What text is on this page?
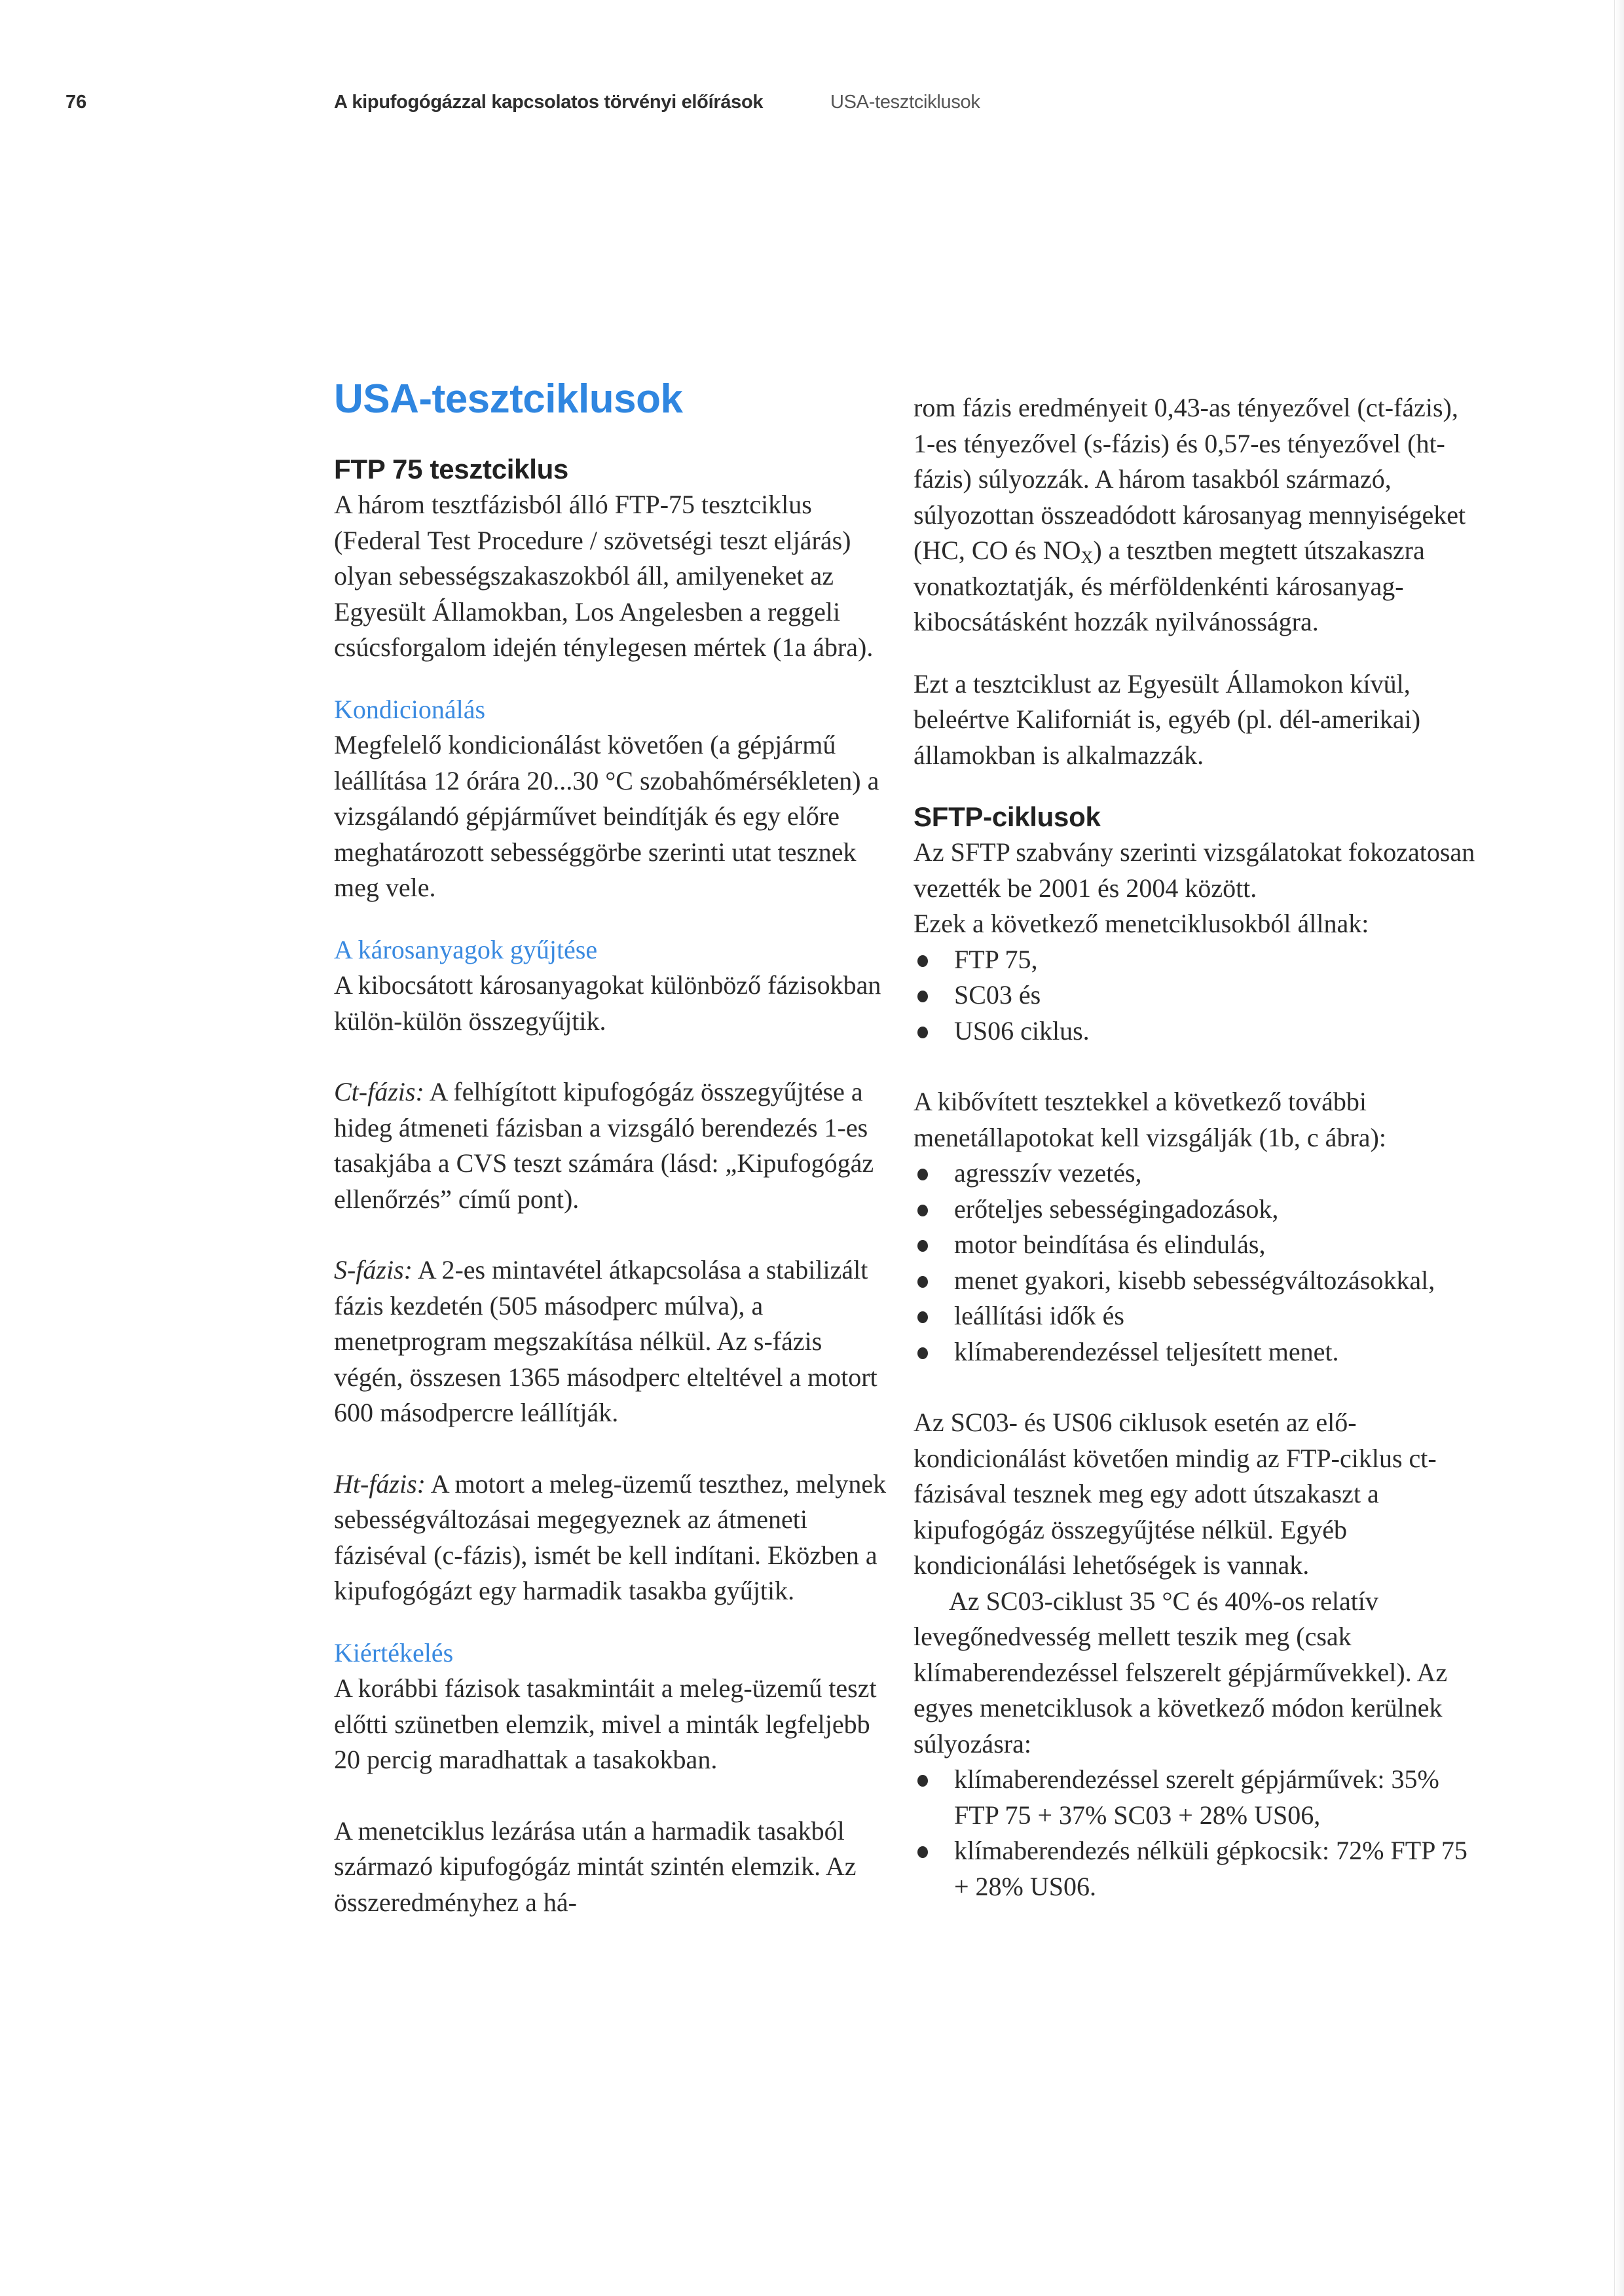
76	A kipufogógázzal kapcsolatos törvényi előírások	USA-tesztciklusok
USA-tesztciklusok
FTP 75 tesztciklus

A három tesztfázisból álló FTP-75 tesztciklus (Federal Test Procedure / szövetségi teszt eljárás) olyan sebességszakaszokból áll, amilyeneket az Egyesült Államokban, Los Angelesben a reggeli csúcsforgalom idején ténylegesen mértek (1a ábra).

Kondicionálás

Megfelelő kondicionálást követően (a gépjármű leállítása 12 órára 20...30 °C szobahőmérsékleten) a vizsgálandó gépjárművet beindítják és egy előre meghatározott sebességgörbe szerinti utat tesznek meg vele.

A károsanyagok gyűjtése

A kibocsátott károsanyagokat különböző fázisokban külön-külön összegyűjtik.

Ct-fázis: A felhígított kipufogógáz összegyűjtése a hideg átmeneti fázisban a vizsgáló berendezés 1-es tasakjába a CVS teszt számára (lásd: „Kipufogógáz ellenőrzés” című pont).

S-fázis: A 2-es mintavétel átkapcsolása a stabilizált fázis kezdetén (505 másodperc múlva), a menetprogram megszakítása nélkül. Az s-fázis végén, összesen 1365 másodperc elteltével a motort 600 másodpercre leállítják.

Ht-fázis: A motort a meleg-üzemű teszthez, melynek sebességváltozásai megegyeznek az átmeneti fáziséval (c-fázis), ismét be kell indítani. Eközben a kipufogógázt egy harmadik tasakba gyűjtik.

Kiértékelés

A korábbi fázisok tasakmintáit a meleg-üzemű teszt előtti szünetben elemzik, mivel a minták legfeljebb 20 percig maradhattak a tasakokban.

A menetciklus lezárása után a harmadik tasakból származó kipufogógáz mintát szintén elemzik. Az összeredményhez a há-

rom fázis eredményeit 0,43-as tényezővel (ct-fázis), 1-es tényezővel (s-fázis) és 0,57-es tényezővel (ht-fázis) súlyozzák. A három tasakból származó, súlyozottan összeadódott károsanyag mennyiségeket (HC, CO és $NO_X$) a tesztben megtett útszakaszra vonatkoztatják, és mérföldenkénti károsanyag-kibocsátásként hozzák nyilvánosságra.

Ezt a tesztciklust az Egyesült Államokon kívül, beleértve Kaliforniát is, egyéb (pl. dél-amerikai) államokban is alkalmazzák.

SFTP-ciklusok

Az SFTP szabvány szerinti vizsgálatokat fokozatosan vezették be 2001 és 2004 között.

Ezek a következő menetciklusokból állnak:

FTP 75,
SC03 és
US06 ciklus.

A kibővített tesztekkel a következő további menetállapotokat kell vizsgálják (1b, c ábra):

agresszív vezetés,
erőteljes sebességingadozások,
motor beindítása és elindulás,
menet gyakori, kisebb sebességváltozásokkal,
leállítási idők és
klímaberendezéssel teljesített menet.

Az SC03- és US06 ciklusok esetén az elő-kondicionálást követően mindig az FTP-ciklus ct-fázisával tesznek meg egy adott útszakaszt a kipufogógáz összegyűjtése nélkül. Egyéb kondicionálási lehetőségek is vannak.

Az SC03-ciklust 35 °C és 40%-os relatív levegőnedvesség mellett teszik meg (csak klímaberendezéssel felszerelt gépjárművekkel). Az egyes menetciklusok a következő módon kerülnek súlyozásra:

klímaberendezéssel szerelt gépjárművek: 35% FTP 75 + 37% SC03 + 28% US06,
klímaberendezés nélküli gépkocsik: 72% FTP 75 + 28% US06.
